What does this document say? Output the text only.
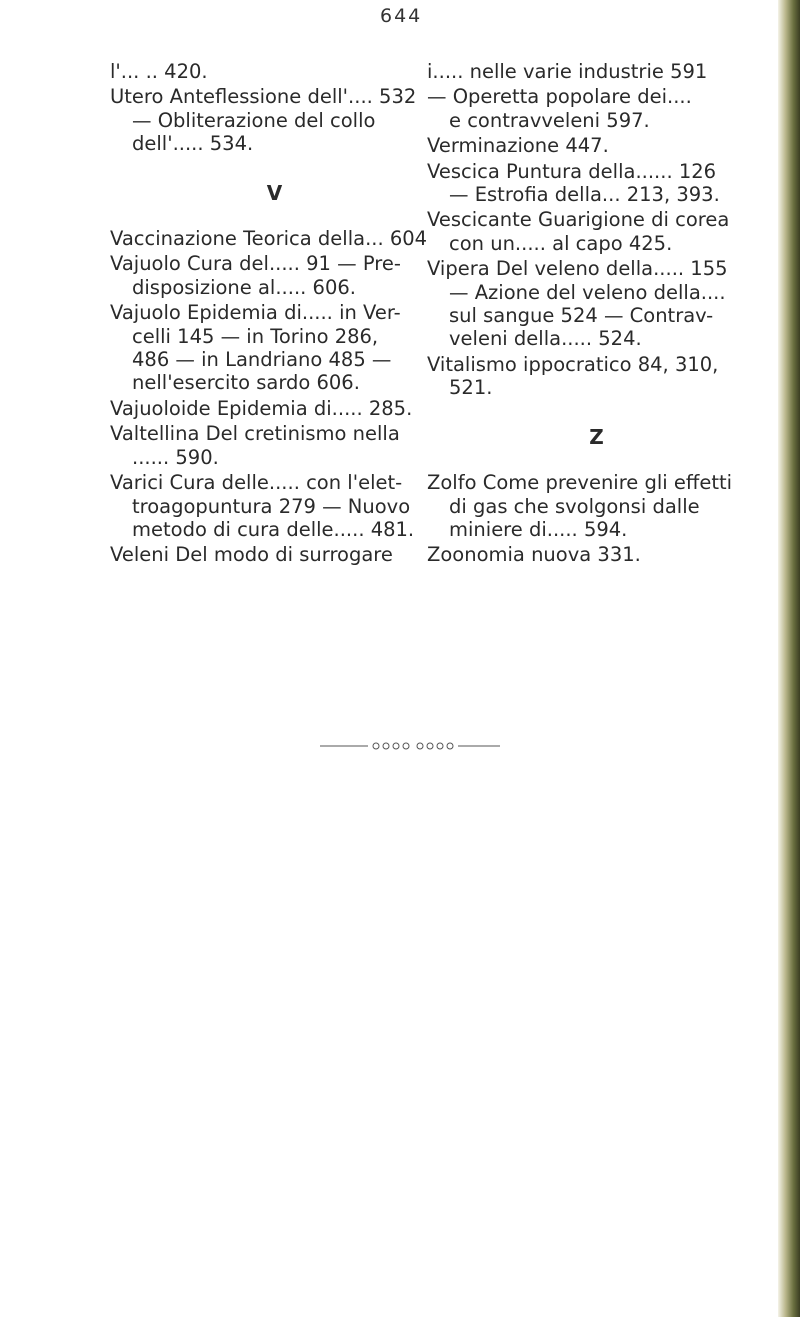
644
l'... .. 420.
Utero Anteflessione dell'.... 532
— Obliterazione del collo
dell'..... 534.
V
Vaccinazione Teorica della... 604
Vajuolo Cura del..... 91 — Pre-
disposizione al..... 606.
Vajuolo Epidemia di..... in Ver-
celli 145 — in Torino 286,
486 — in Landriano 485 —
nell'esercito sardo 606.
Vajuoloide Epidemia di..... 285.
Valtellina Del cretinismo nella
...... 590.
Varici Cura delle..... con l'elet-
troagopuntura 279 — Nuovo
metodo di cura delle..... 481.
Veleni Del modo di surrogare
i..... nelle varie industrie 591
— Operetta popolare dei....
e contravveleni 597.
Verminazione 447.
Vescica Puntura della...... 126
— Estrofia della... 213, 393.
Vescicante Guarigione di corea
con un..... al capo 425.
Vipera Del veleno della..... 155
— Azione del veleno della....
sul sangue 524 — Contrav-
veleni della..... 524.
Vitalismo ippocratico 84, 310,
521.
Z
Zolfo Come prevenire gli effetti
di gas che svolgonsi dalle
miniere di..... 594.
Zoonomia nuova 331.
